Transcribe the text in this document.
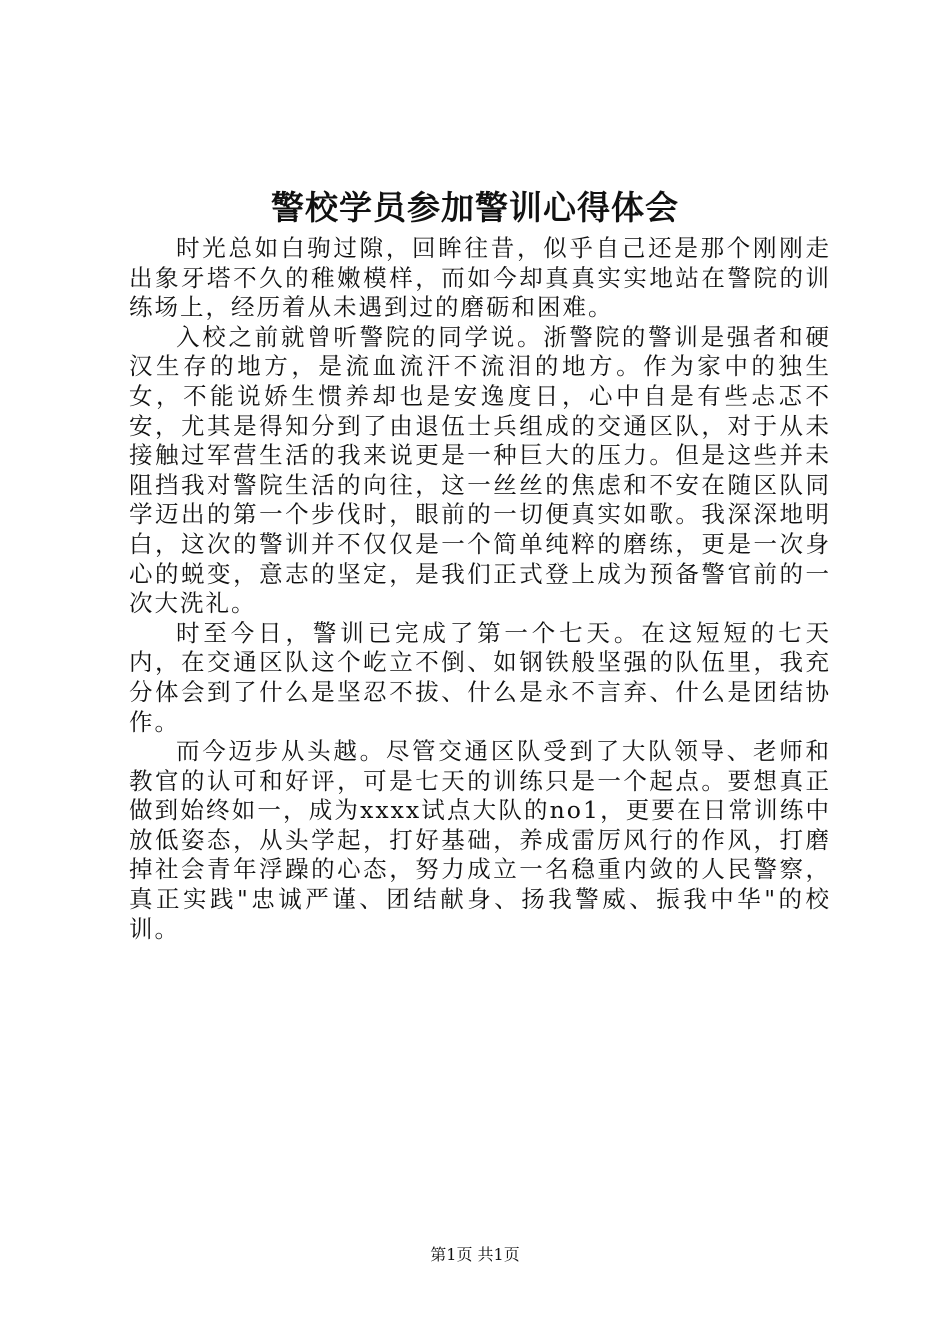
警校学员参加警训心得体会

时光总如白驹过隙，回眸往昔，似乎自己还是那个刚刚走出象牙塔不久的稚嫩模样，而如今却真真实实地站在警院的训练场上，经历着从未遇到过的磨砺和困难。

入校之前就曾听警院的同学说。浙警院的警训是强者和硬汉生存的地方，是流血流汗不流泪的地方。作为家中的独生女，不能说娇生惯养却也是安逸度日，心中自是有些忐忑不安，尤其是得知分到了由退伍士兵组成的交通区队，对于从未接触过军营生活的我来说更是一种巨大的压力。但是这些并未阻挡我对警院生活的向往，这一丝丝的焦虑和不安在随区队同学迈出的第一个步伐时，眼前的一切便真实如歌。我深深地明白，这次的警训并不仅仅是一个简单纯粹的磨练，更是一次身心的蜕变，意志的坚定，是我们正式登上成为预备警官前的一次大洗礼。

时至今日，警训已完成了第一个七天。在这短短的七天内，在交通区队这个屹立不倒、如钢铁般坚强的队伍里，我充分体会到了什么是坚忍不拔、什么是永不言弃、什么是团结协作。

而今迈步从头越。尽管交通区队受到了大队领导、老师和教官的认可和好评，可是七天的训练只是一个起点。要想真正做到始终如一，成为xxxx试点大队的no1，更要在日常训练中放低姿态，从头学起，打好基础，养成雷厉风行的作风，打磨掉社会青年浮躁的心态，努力成立一名稳重内敛的人民警察，真正实践"忠诚严谨、团结献身、扬我警威、振我中华"的校训。

第1页 共1页
